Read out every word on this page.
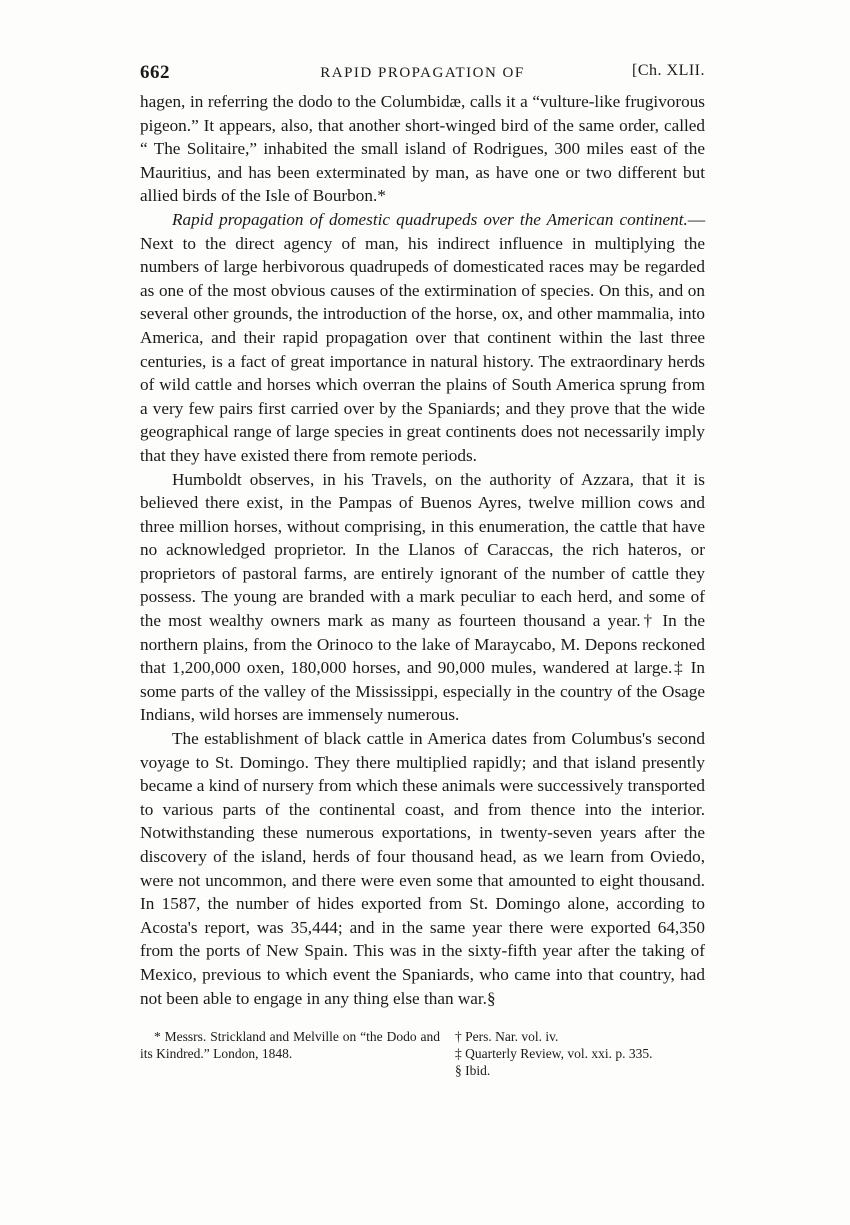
662	RAPID PROPAGATION OF	[Ch. XLII.

hagen, in referring the dodo to the Columbidæ, calls it a “vulture-like frugivorous pigeon.” It appears, also, that another short-winged bird of the same order, called “ The Solitaire,” inhabited the small island of Rodrigues, 300 miles east of the Mauritius, and has been exterminated by man, as have one or two different but allied birds of the Isle of Bourbon.*

Rapid propagation of domestic quadrupeds over the American continent.—Next to the direct agency of man, his indirect influence in multiplying the numbers of large herbivorous quadrupeds of domesticated races may be regarded as one of the most obvious causes of the extirmination of species. On this, and on several other grounds, the introduction of the horse, ox, and other mammalia, into America, and their rapid propagation over that continent within the last three centuries, is a fact of great importance in natural history. The extraordinary herds of wild cattle and horses which overran the plains of South America sprung from a very few pairs first carried over by the Spaniards; and they prove that the wide geographical range of large species in great continents does not necessarily imply that they have existed there from remote periods.

Humboldt observes, in his Travels, on the authority of Azzara, that it is believed there exist, in the Pampas of Buenos Ayres, twelve million cows and three million horses, without comprising, in this enumeration, the cattle that have no acknowledged proprietor. In the Llanos of Caraccas, the rich hateros, or proprietors of pastoral farms, are entirely ignorant of the number of cattle they possess. The young are branded with a mark peculiar to each herd, and some of the most wealthy owners mark as many as fourteen thousand a year.† In the northern plains, from the Orinoco to the lake of Maraycabo, M. Depons reckoned that 1,200,000 oxen, 180,000 horses, and 90,000 mules, wandered at large.‡ In some parts of the valley of the Mississippi, especially in the country of the Osage Indians, wild horses are immensely numerous.

The establishment of black cattle in America dates from Columbus's second voyage to St. Domingo. They there multiplied rapidly; and that island presently became a kind of nursery from which these animals were successively transported to various parts of the continental coast, and from thence into the interior. Notwithstanding these numerous exportations, in twenty-seven years after the discovery of the island, herds of four thousand head, as we learn from Oviedo, were not uncommon, and there were even some that amounted to eight thousand. In 1587, the number of hides exported from St. Domingo alone, according to Acosta's report, was 35,444; and in the same year there were exported 64,350 from the ports of New Spain. This was in the sixty-fifth year after the taking of Mexico, previous to which event the Spaniards, who came into that country, had not been able to engage in any thing else than war.§

* Messrs. Strickland and Melville on “the Dodo and its Kindred.” London, 1848.
† Pers. Nar. vol. iv.
‡ Quarterly Review, vol. xxi. p. 335.
§ Ibid.
